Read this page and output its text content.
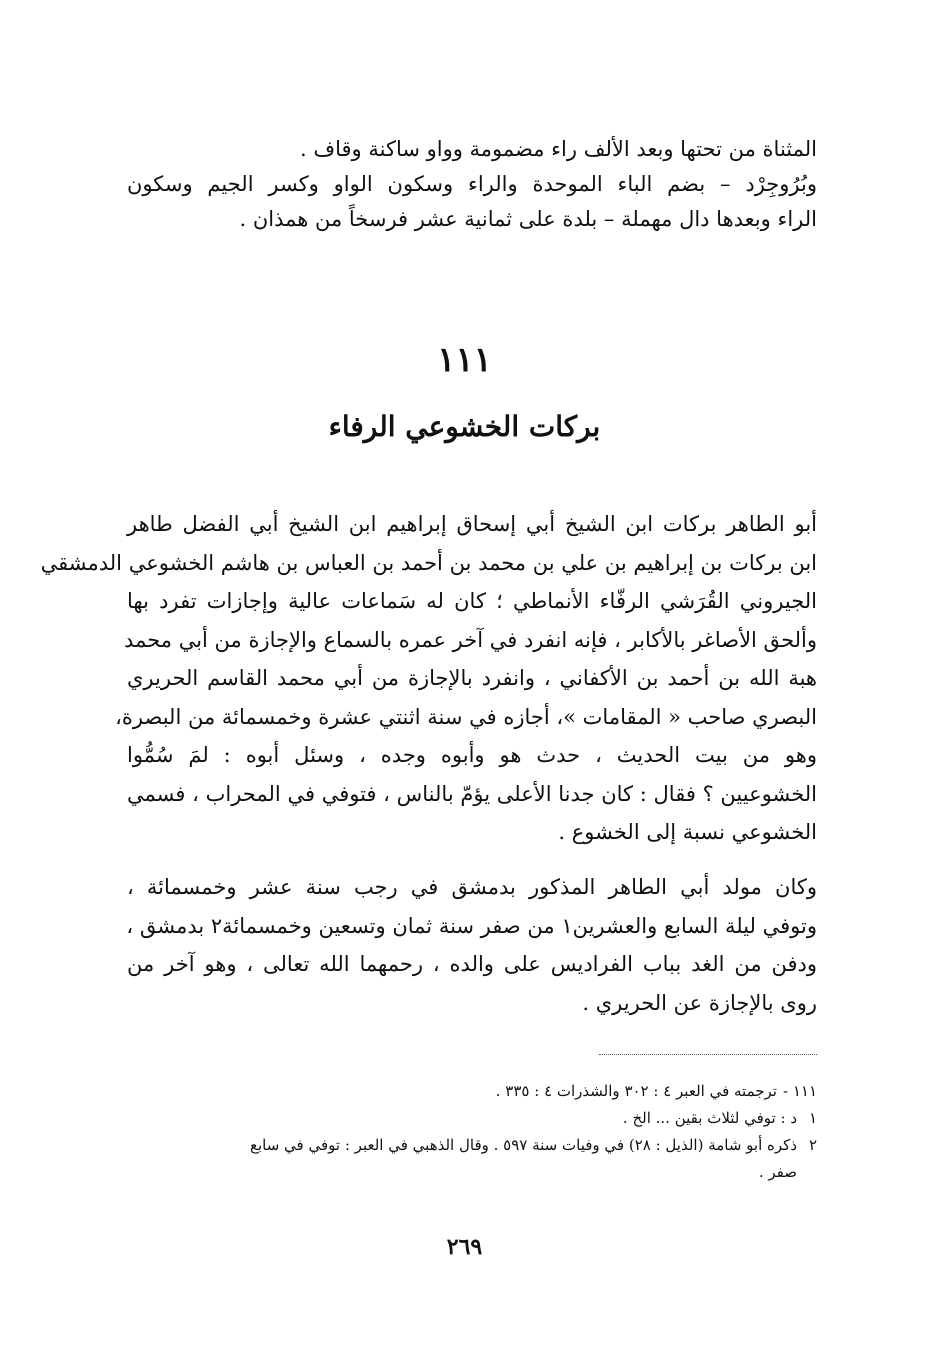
المثناة من تحتها وبعد الألف راء مضمومة وواو ساكنة وقاف .
وبُرُوجِرْد – بضم الباء الموحدة والراء وسكون الواو وكسر الجيم وسكون
الراء وبعدها دال مهملة – بلدة على ثمانية عشر فرسخاً من همذان .
١١١
بركات الخشوعي الرفاء
أبو الطاهر بركات ابن الشيخ أبي إسحاق إبراهيم ابن الشيخ أبي الفضل طاهر
ابن بركات بن إبراهيم بن علي بن محمد بن أحمد بن العباس بن هاشم الخشوعي الدمشقي
الجيروني القُرَشي الرفّاء الأنماطي ؛ كان له سَماعات عالية وإجازات تفرد بها
وألحق الأصاغر بالأكابر ، فإنه انفرد في آخر عمره بالسماع والإجازة من أبي محمد
هبة الله بن أحمد بن الأكفاني ، وانفرد بالإجازة من أبي محمد القاسم الحريري
البصري صاحب « المقامات »، أجازه في سنة اثنتي عشرة وخمسمائة من البصرة،
وهو من بيت الحديث ، حدث هو وأبوه وجده ، وسئل أبوه : لمَ سُمُّوا
الخشوعيين ؟ فقال : كان جدنا الأعلى يؤمّ بالناس ، فتوفي في المحراب ، فسمي
الخشوعي نسبة إلى الخشوع .
وكان مولد أبي الطاهر المذكور بدمشق في رجب سنة عشر وخمسمائة ،
وتوفي ليلة السابع والعشرين١ من صفر سنة ثمان وتسعين وخمسمائة٢ بدمشق ،
ودفن من الغد بباب الفراديس على والده ، رحمهما الله تعالى ، وهو آخر من
روى بالإجازة عن الحريري .
١١١ -ترجمته في العبر ٤ : ٣٠٢ والشذرات ٤ : ٣٣٥ .
١د : توفي لثلاث بقين ... الخ .
٢ذكره أبو شامة (الذيل : ٢٨) في وفيات سنة ٥٩٧ . وقال الذهبي في العبر : توفي في سابع
صفر .
٢٦٩
